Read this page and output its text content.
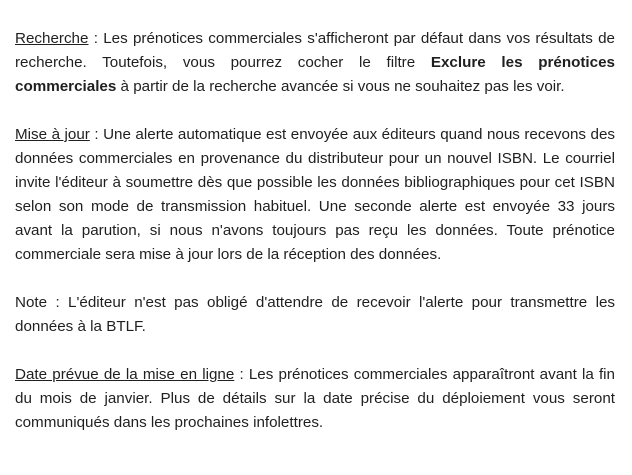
Recherche : Les prénotices commerciales s'afficheront par défaut dans vos résultats de recherche. Toutefois, vous pourrez cocher le filtre Exclure les prénotices commerciales à partir de la recherche avancée si vous ne souhaitez pas les voir.

Mise à jour : Une alerte automatique est envoyée aux éditeurs quand nous recevons des données commerciales en provenance du distributeur pour un nouvel ISBN. Le courriel invite l'éditeur à soumettre dès que possible les données bibliographiques pour cet ISBN selon son mode de transmission habituel. Une seconde alerte est envoyée 33 jours avant la parution, si nous n'avons toujours pas reçu les données. Toute prénotice commerciale sera mise à jour lors de la réception des données.

Note : L'éditeur n'est pas obligé d'attendre de recevoir l'alerte pour transmettre les données à la BTLF.

Date prévue de la mise en ligne : Les prénotices commerciales apparaîtront avant la fin du mois de janvier. Plus de détails sur la date précise du déploiement vous seront communiqués dans les prochaines infolettres.
